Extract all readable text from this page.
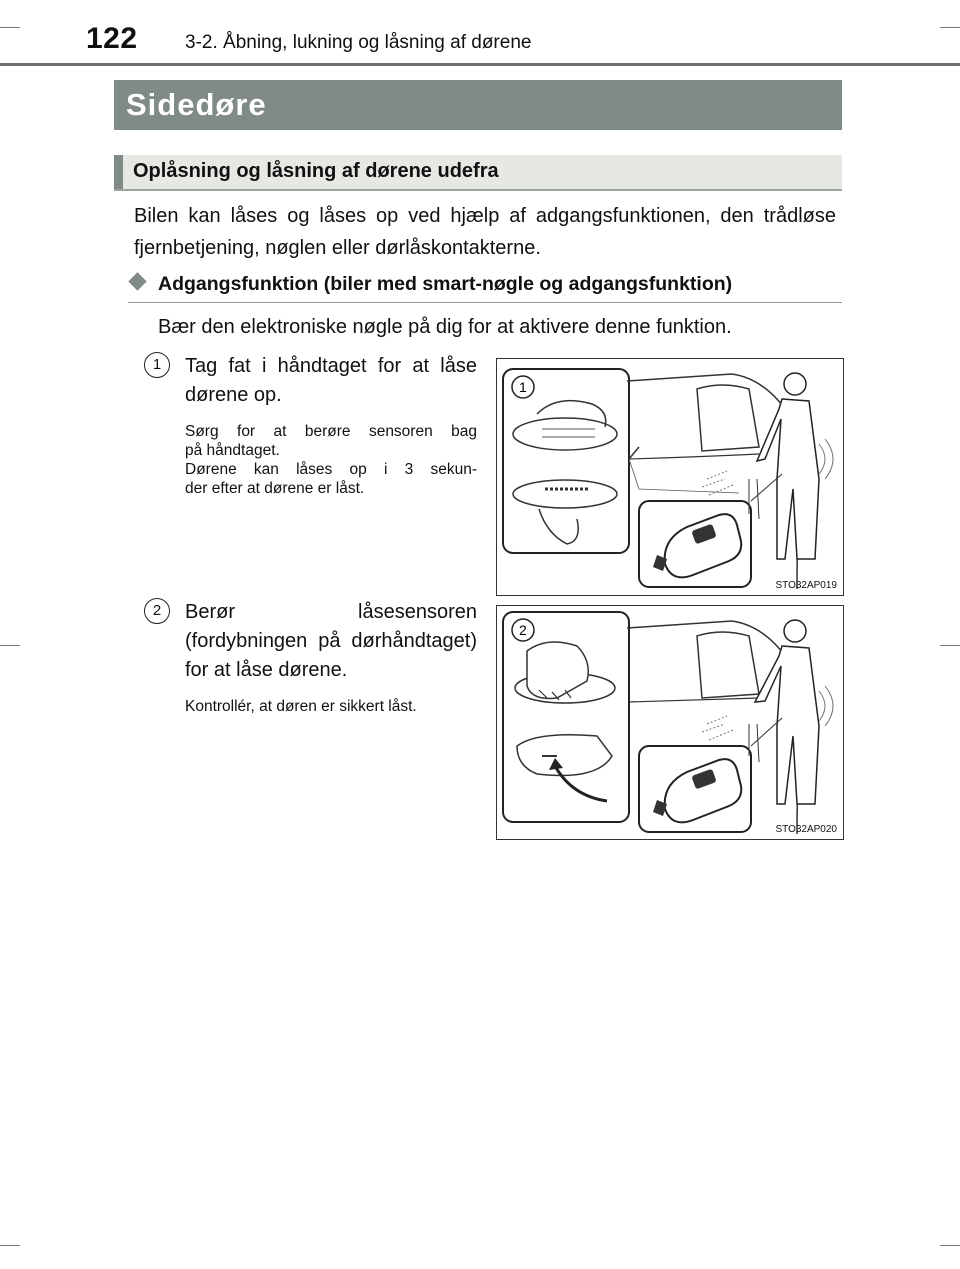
122 3-2. Åbning, lukning og låsning af dørene
Sidedøre
Oplåsning og låsning af dørene udefra
Bilen kan låses og låses op ved hjælp af adgangsfunktionen, den trådløse fjernbetjening, nøglen eller dørlåskontakterne.
Adgangsfunktion (biler med smart-nøgle og adgangsfunktion)
Bær den elektroniske nøgle på dig for at aktivere denne funktion.
1	Tag fat i håndtaget for at låse dørene op.
Sørg for at berøre sensoren bag
på håndtaget.
Dørene kan låses op i 3 sekun-
der efter at dørene er låst.
1
STO32AP019
2	Berør låsesensoren (fordybningen på dørhåndtaget) for at låse dørene.
Kontrollér, at døren er sikkert låst.
2
STO32AP020
